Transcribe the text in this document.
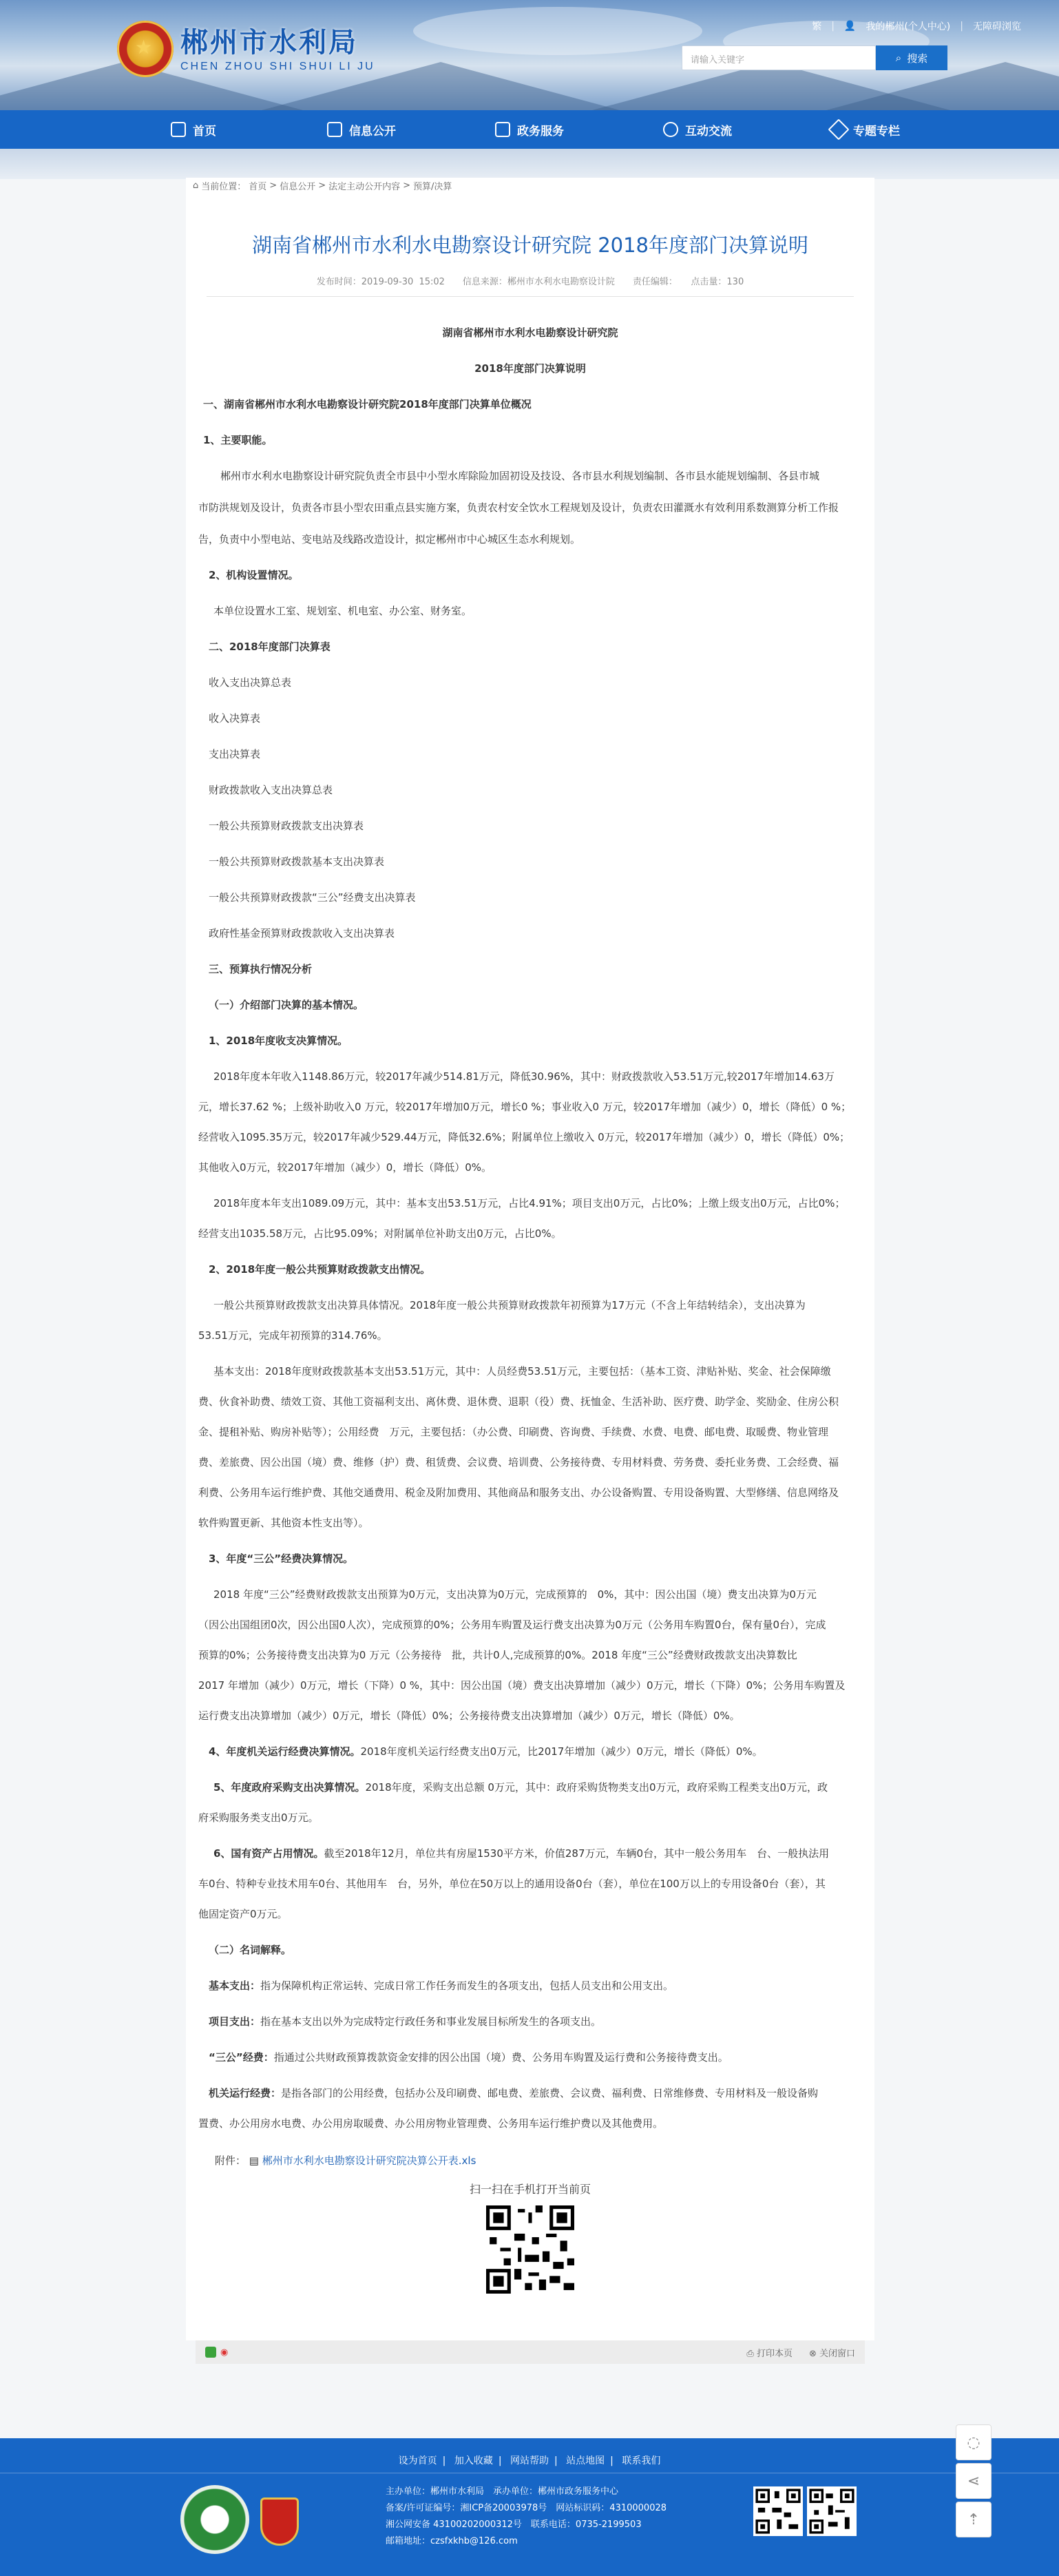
★ 郴州市水利局
CHEN ZHOU SHI SHUI LI JU
繁 | 👤 我的郴州(个人中心) | 无障碍浏览
请输入关键字	⌕ 搜索
首页	信息公开	政务服务	互动交流	专题专栏
⌂ 当前位置： 首页 > 信息公开 > 法定主动公开内容 > 预算/决算
湖南省郴州市水利水电勘察设计研究院 2018年度部门决算说明
发布时间：2019-09-30 15:02　　信息来源：郴州市水利水电勘察设计院　　责任编辑：　　点击量：130
湖南省郴州市水利水电勘察设计研究院
2018年度部门决算说明
一、湖南省郴州市水利水电勘察设计研究院2018年度部门决算单位概况
1、主要职能。
郴州市水利水电勘察设计研究院负责全市县中小型水库除险加固初设及技设、各市县水利规划编制、各市县水能规划编制、各县市城
市防洪规划及设计，负责各市县小型农田重点县实施方案，负责农村安全饮水工程规划及设计，负责农田灌溉水有效利用系数测算分析工作报
告，负责中小型电站、变电站及线路改造设计，拟定郴州市中心城区生态水利规划。
2、机构设置情况。
本单位设置水工室、规划室、机电室、办公室、财务室。
二、2018年度部门决算表
收入支出决算总表
收入决算表
支出决算表
财政拨款收入支出决算总表
一般公共预算财政拨款支出决算表
一般公共预算财政拨款基本支出决算表
一般公共预算财政拨款“三公”经费支出决算表
政府性基金预算财政拨款收入支出决算表
三、预算执行情况分析
（一）介绍部门决算的基本情况。
1、2018年度收支决算情况。
2018年度本年收入1148.86万元，较2017年减少514.81万元，降低30.96%，其中：财政拨款收入53.51万元,较2017年增加14.63万
元，增长37.62 %；上级补助收入0 万元，较2017年增加0万元，增长0 %；事业收入0 万元，较2017年增加（减少）0，增长（降低）0 %；
经营收入1095.35万元，较2017年减少529.44万元，降低32.6%；附属单位上缴收入 0万元，较2017年增加（减少）0，增长（降低）0%；
其他收入0万元，较2017年增加（减少）0，增长（降低）0%。
2018年度本年支出1089.09万元，其中：基本支出53.51万元，占比4.91%；项目支出0万元，占比0%；上缴上级支出0万元，占比0%；
经营支出1035.58万元，占比95.09%；对附属单位补助支出0万元，占比0%。
2、2018年度一般公共预算财政拨款支出情况。
一般公共预算财政拨款支出决算具体情况。2018年度一般公共预算财政拨款年初预算为17万元（不含上年结转结余），支出决算为
53.51万元，完成年初预算的314.76%。
基本支出：2018年度财政拨款基本支出53.51万元，其中：人员经费53.51万元，主要包括：（基本工资、津贴补贴、奖金、社会保障缴
费、伙食补助费、绩效工资、其他工资福利支出、离休费、退休费、退职（役）费、抚恤金、生活补助、医疗费、助学金、奖励金、住房公积
金、提租补贴、购房补贴等）；公用经费　万元，主要包括：（办公费、印刷费、咨询费、手续费、水费、电费、邮电费、取暖费、物业管理
费、差旅费、因公出国（境）费、维修（护）费、租赁费、会议费、培训费、公务接待费、专用材料费、劳务费、委托业务费、工会经费、福
利费、公务用车运行维护费、其他交通费用、税金及附加费用、其他商品和服务支出、办公设备购置、专用设备购置、大型修缮、信息网络及
软件购置更新、其他资本性支出等）。
3、年度“三公”经费决算情况。
2018 年度“三公”经费财政拨款支出预算为0万元，支出决算为0万元，完成预算的　0%，其中：因公出国（境）费支出决算为0万元
（因公出国组团0次，因公出国0人次），完成预算的0%；公务用车购置及运行费支出决算为0万元（公务用车购置0台，保有量0台），完成
预算的0%；公务接待费支出决算为0 万元（公务接待　批，共计0人,完成预算的0%。2018 年度“三公”经费财政拨款支出决算数比
2017 年增加（减少）0万元，增长（下降）0 %，其中：因公出国（境）费支出决算增加（减少）0万元，增长（下降）0%；公务用车购置及
运行费支出决算增加（减少）0万元，增长（降低）0%；公务接待费支出决算增加（减少）0万元，增长（降低）0%。
4、年度机关运行经费决算情况。2018年度机关运行经费支出0万元，比2017年增加（减少）0万元，增长（降低）0%。
5、年度政府采购支出决算情况。2018年度，采购支出总额 0万元，其中：政府采购货物类支出0万元，政府采购工程类支出0万元，政
府采购服务类支出0万元。
6、国有资产占用情况。截至2018年12月，单位共有房屋1530平方米，价值287万元，车辆0台，其中一般公务用车　台、一般执法用
车0台、特种专业技术用车0台、其他用车　台，另外，单位在50万以上的通用设备0台（套），单位在100万以上的专用设备0台（套），其
他固定资产0万元。
（二）名词解释。
基本支出：指为保障机构正常运转、完成日常工作任务而发生的各项支出，包括人员支出和公用支出。
项目支出：指在基本支出以外为完成特定行政任务和事业发展目标所发生的各项支出。
“三公”经费：指通过公共财政预算拨款资金安排的因公出国（境）费、公务用车购置及运行费和公务接待费支出。
机关运行经费：是指各部门的公用经费，包括办公及印刷费、邮电费、差旅费、会议费、福利费、日常维修费、专用材料及一般设备购
置费、办公用房水电费、办公用房取暖费、办公用房物业管理费、公务用车运行维护费以及其他费用。
附件： ▤ 郴州市水利水电勘察设计研究院决算公开表.xls
扫一扫在手机打开当前页
◉	⎙ 打印本页 ⊗ 关闭窗口
设为首页 | 加入收藏 | 网站帮助 | 站点地图 | 联系我们
主办单位：郴州市水利局　承办单位：郴州市政务服务中心
备案/许可证编号：湘ICP备20003978号　网站标识码：4310000028
湘公网安备 43100202000312号　联系电话：0735-2199503
邮箱地址：czsfxkhb@126.com
◌
⋖
⇡
